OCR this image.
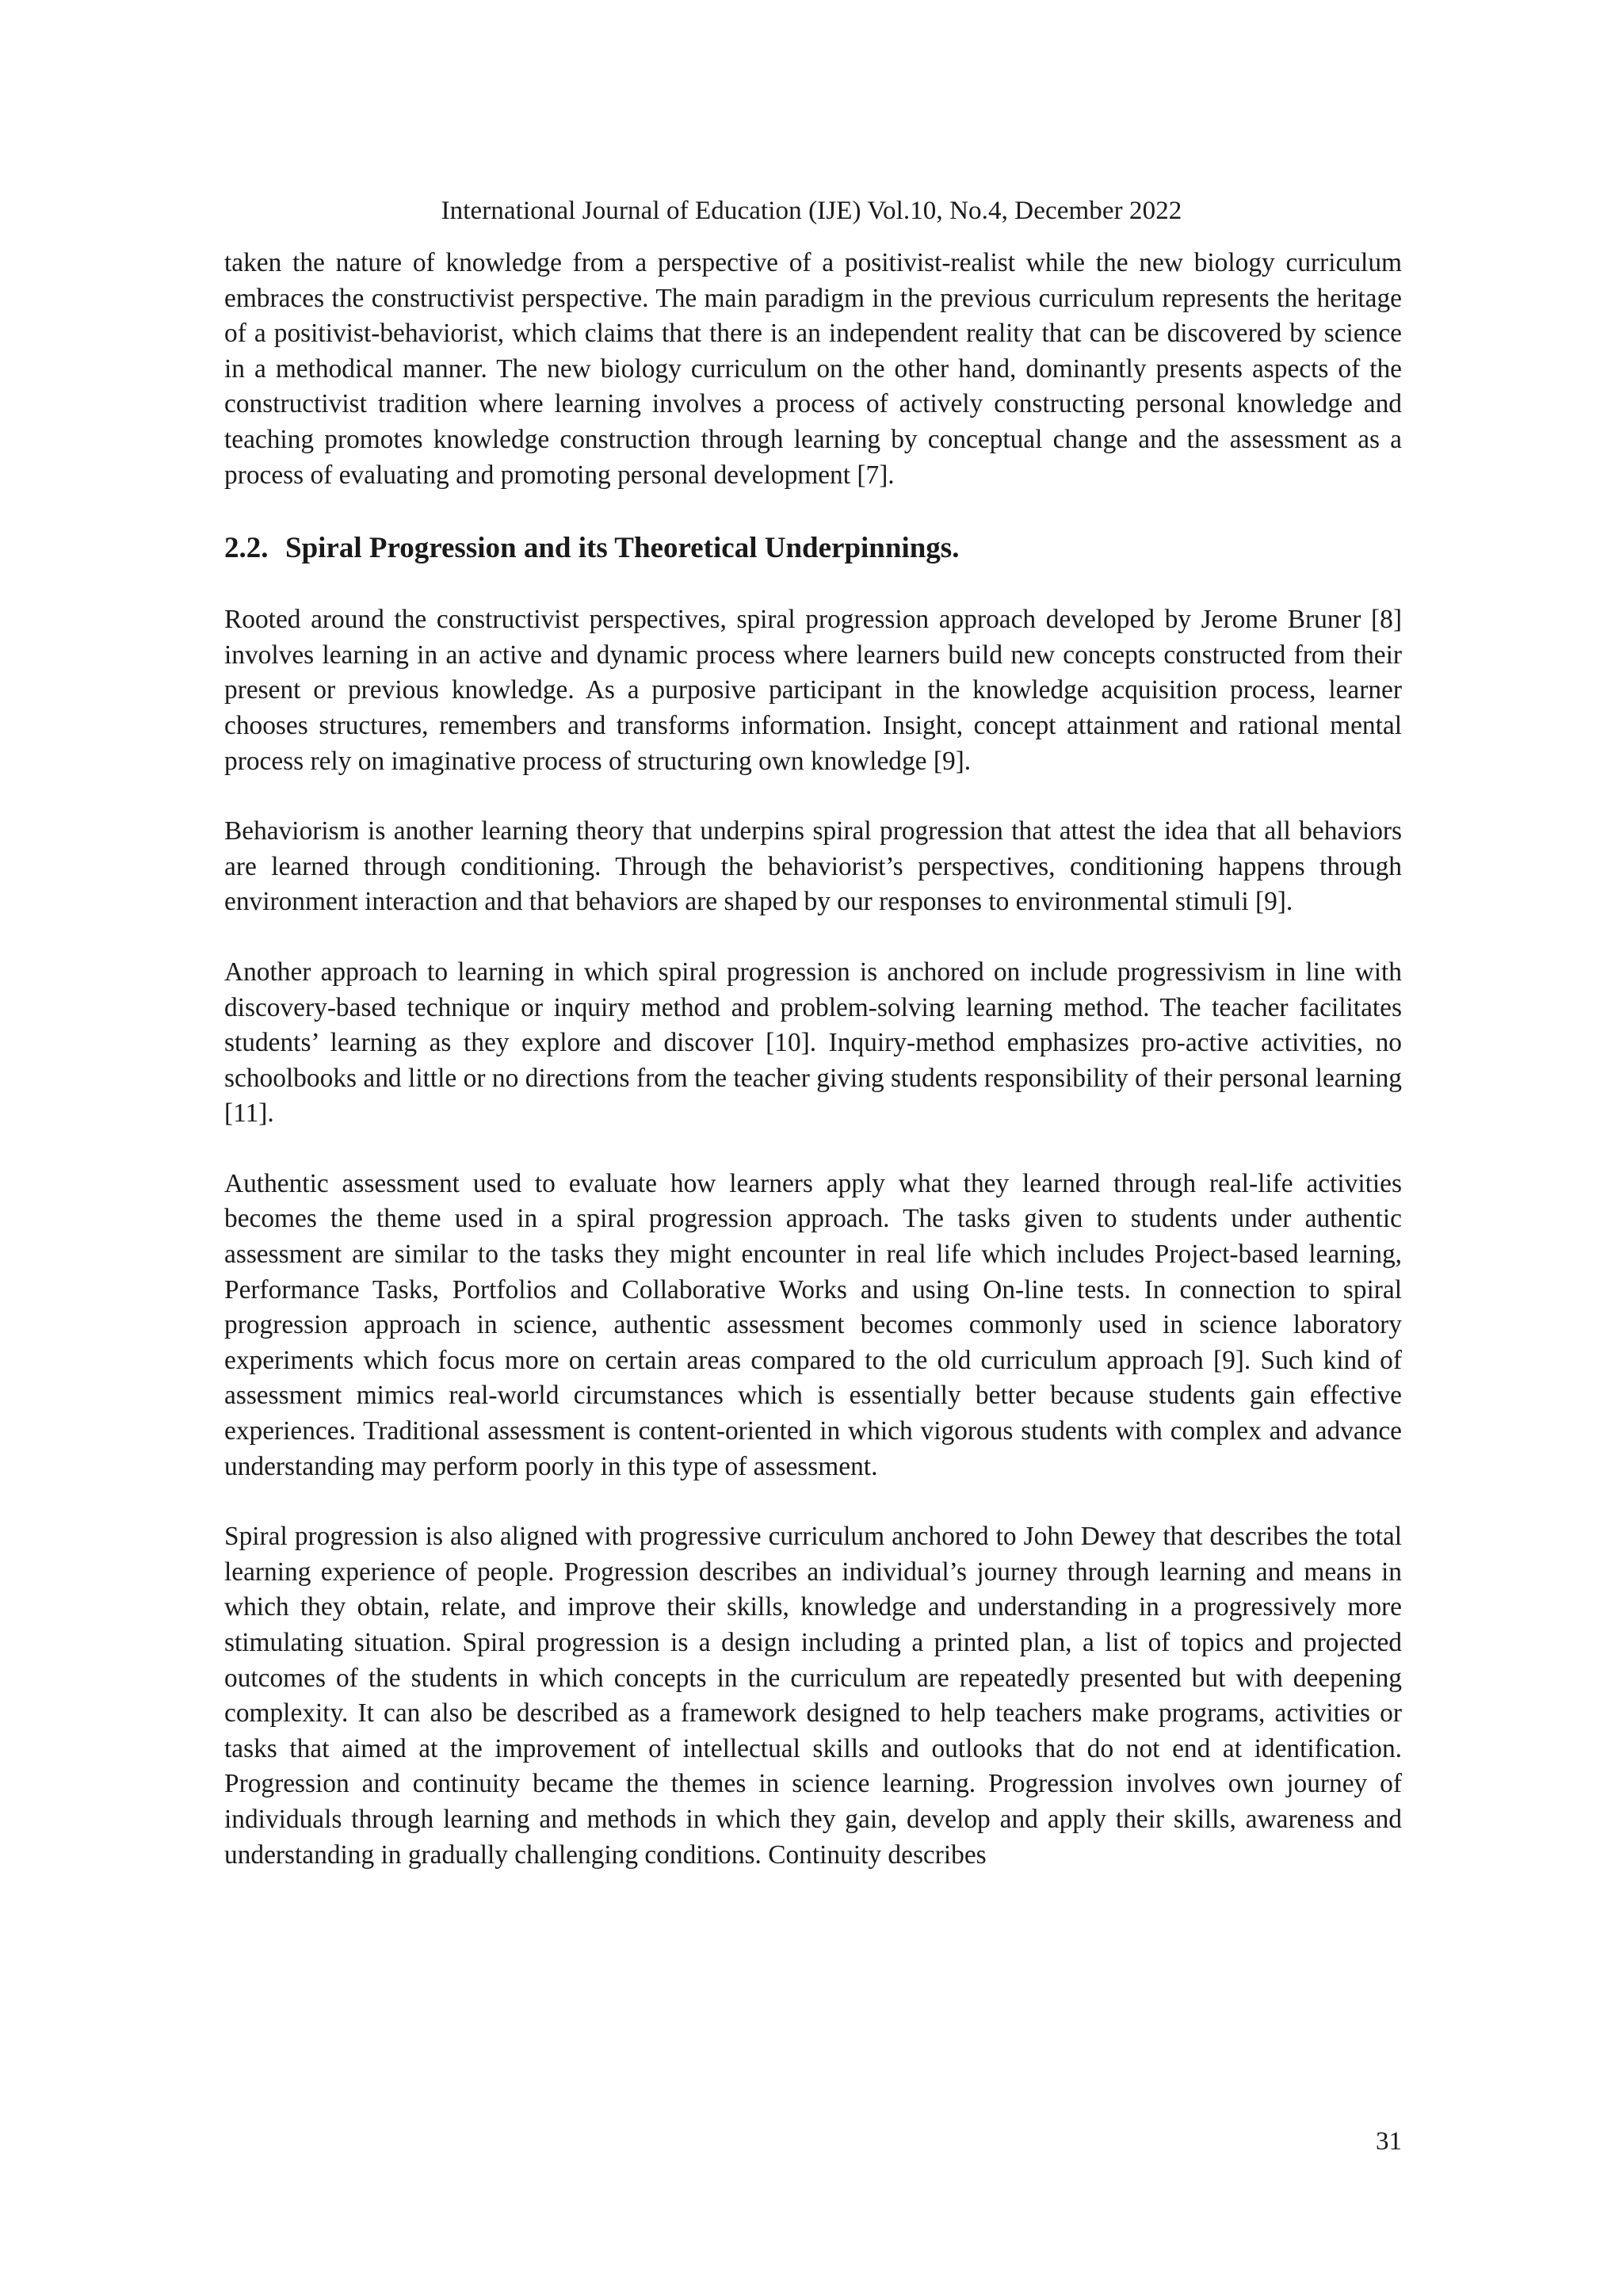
International Journal of Education (IJE) Vol.10, No.4, December 2022

taken the nature of knowledge from a perspective of a positivist-realist while the new biology curriculum embraces the constructivist perspective. The main paradigm in the previous curriculum represents the heritage of a positivist-behaviorist, which claims that there is an independent reality that can be discovered by science in a methodical manner. The new biology curriculum on the other hand, dominantly presents aspects of the constructivist tradition where learning involves a process of actively constructing personal knowledge and teaching promotes knowledge construction through learning by conceptual change and the assessment as a process of evaluating and promoting personal development [7].

2.2. Spiral Progression and its Theoretical Underpinnings.

Rooted around the constructivist perspectives, spiral progression approach developed by Jerome Bruner [8] involves learning in an active and dynamic process where learners build new concepts constructed from their present or previous knowledge. As a purposive participant in the knowledge acquisition process, learner chooses structures, remembers and transforms information. Insight, concept attainment and rational mental process rely on imaginative process of structuring own knowledge [9].

Behaviorism is another learning theory that underpins spiral progression that attest the idea that all behaviors are learned through conditioning. Through the behaviorist’s perspectives, conditioning happens through environment interaction and that behaviors are shaped by our responses to environmental stimuli [9].

Another approach to learning in which spiral progression is anchored on include progressivism in line with discovery-based technique or inquiry method and problem-solving learning method. The teacher facilitates students’ learning as they explore and discover [10]. Inquiry-method emphasizes pro-active activities, no schoolbooks and little or no directions from the teacher giving students responsibility of their personal learning [11].

Authentic assessment used to evaluate how learners apply what they learned through real-life activities becomes the theme used in a spiral progression approach. The tasks given to students under authentic assessment are similar to the tasks they might encounter in real life which includes Project-based learning, Performance Tasks, Portfolios and Collaborative Works and using On-line tests. In connection to spiral progression approach in science, authentic assessment becomes commonly used in science laboratory experiments which focus more on certain areas compared to the old curriculum approach [9]. Such kind of assessment mimics real-world circumstances which is essentially better because students gain effective experiences. Traditional assessment is content-oriented in which vigorous students with complex and advance understanding may perform poorly in this type of assessment.

Spiral progression is also aligned with progressive curriculum anchored to John Dewey that describes the total learning experience of people. Progression describes an individual’s journey through learning and means in which they obtain, relate, and improve their skills, knowledge and understanding in a progressively more stimulating situation. Spiral progression is a design including a printed plan, a list of topics and projected outcomes of the students in which concepts in the curriculum are repeatedly presented but with deepening complexity. It can also be described as a framework designed to help teachers make programs, activities or tasks that aimed at the improvement of intellectual skills and outlooks that do not end at identification. Progression and continuity became the themes in science learning. Progression involves own journey of individuals through learning and methods in which they gain, develop and apply their skills, awareness and understanding in gradually challenging conditions. Continuity describes

31
